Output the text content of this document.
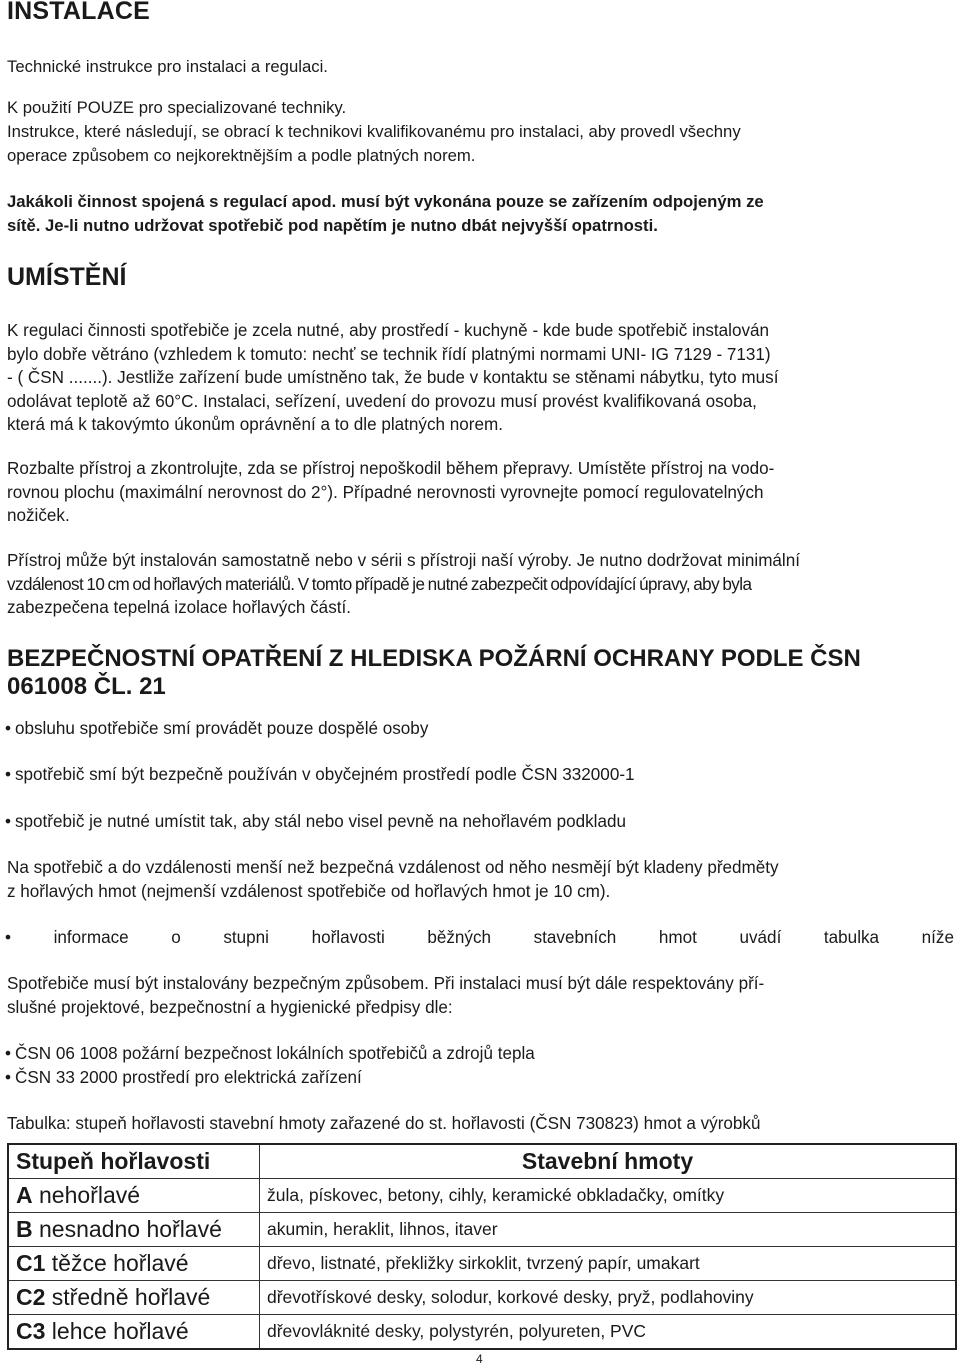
INSTALACE

Technické instrukce pro instalaci a regulaci.

K použití POUZE pro specializované techniky.

Instrukce, které následují, se obrací k technikovi kvalifikovanému pro instalaci, aby provedl všechny

operace způsobem co nejkorektnějším a podle platných norem.

Jakákoli činnost spojená s regulací apod. musí být vykonána pouze se zařízením odpojeným ze

sítě. Je-li nutno udržovat spotřebič pod napětím je nutno dbát nejvyšší opatrnosti.

UMÍSTĚNÍ

K regulaci činnosti spotřebiče je zcela nutné, aby prostředí - kuchyně - kde bude spotřebič instalován

bylo dobře větráno (vzhledem k tomuto: nechť se technik řídí platnými normami UNI- IG 7129 - 7131)

- ( ČSN .......). Jestliže zařízení bude umístněno tak, že bude v kontaktu se stěnami nábytku, tyto musí

odolávat teplotě až 60°C. Instalaci, seřízení, uvedení do provozu musí provést kvalifikovaná osoba,

která má k takovýmto úkonům oprávnění a to dle platných norem.

Rozbalte přístroj a zkontrolujte, zda se přístroj nepoškodil během přepravy. Umístěte přístroj na vodo-

rovnou plochu (maximální nerovnost do 2°). Případné nerovnosti vyrovnejte pomocí regulovatelných

nožiček.

Přístroj může být instalován samostatně nebo v sérii s přístroji naší výroby. Je nutno dodržovat minimální

vzdálenost 10 cm od hořlavých materiálů. V tomto případě je nutné zabezpečit odpovídající úpravy, aby byla

zabezpečena tepelná izolace hořlavých částí.

BEZPEČNOSTNÍ OPATŘENÍ Z HLEDISKA POŽÁRNÍ OCHRANY PODLE ČSN
061008 ČL. 21
• obsluhu spotřebiče smí provádět pouze dospělé osoby
• spotřebič smí být bezpečně používán v obyčejném prostředí podle ČSN 332000-1
• spotřebič je nutné umístit tak, aby stál nebo visel pevně na nehořlavém podkladu

Na spotřebič a do vzdálenosti menší než bezpečná vzdálenost od něho nesmějí být kladeny předměty

z hořlavých hmot (nejmenší vzdálenost spotřebiče od hořlavých hmot je 10 cm).

• informace o stupni hořlavosti běžných stavebních hmot uvádí tabulka níže

Spotřebiče musí být instalovány bezpečným způsobem. Při instalaci musí být dále respektovány pří-

slušné projektové, bezpečnostní a hygienické předpisy dle:

• ČSN 06 1008 požární bezpečnost lokálních spotřebičů a zdrojů tepla
• ČSN 33 2000 prostředí pro elektrická zařízení
Tabulka: stupeň hořlavosti stavební hmoty zařazené do st. hořlavosti (ČSN 730823) hmot a výrobků
Stupeň hořlavosti	Stavební hmoty
A nehořlavé	žula, pískovec, betony, cihly, keramické obkladačky, omítky
B nesnadno hořlavé	akumin, heraklit, lihnos, itaver
C1 těžce hořlavé	dřevo, listnaté, překližky sirkoklit, tvrzený papír, umakart
C2 středně hořlavé	dřevotřískové desky, solodur, korkové desky, pryž, podlahoviny
C3 lehce hořlavé	dřevovláknité desky, polystyrén, polyureten, PVC
4
